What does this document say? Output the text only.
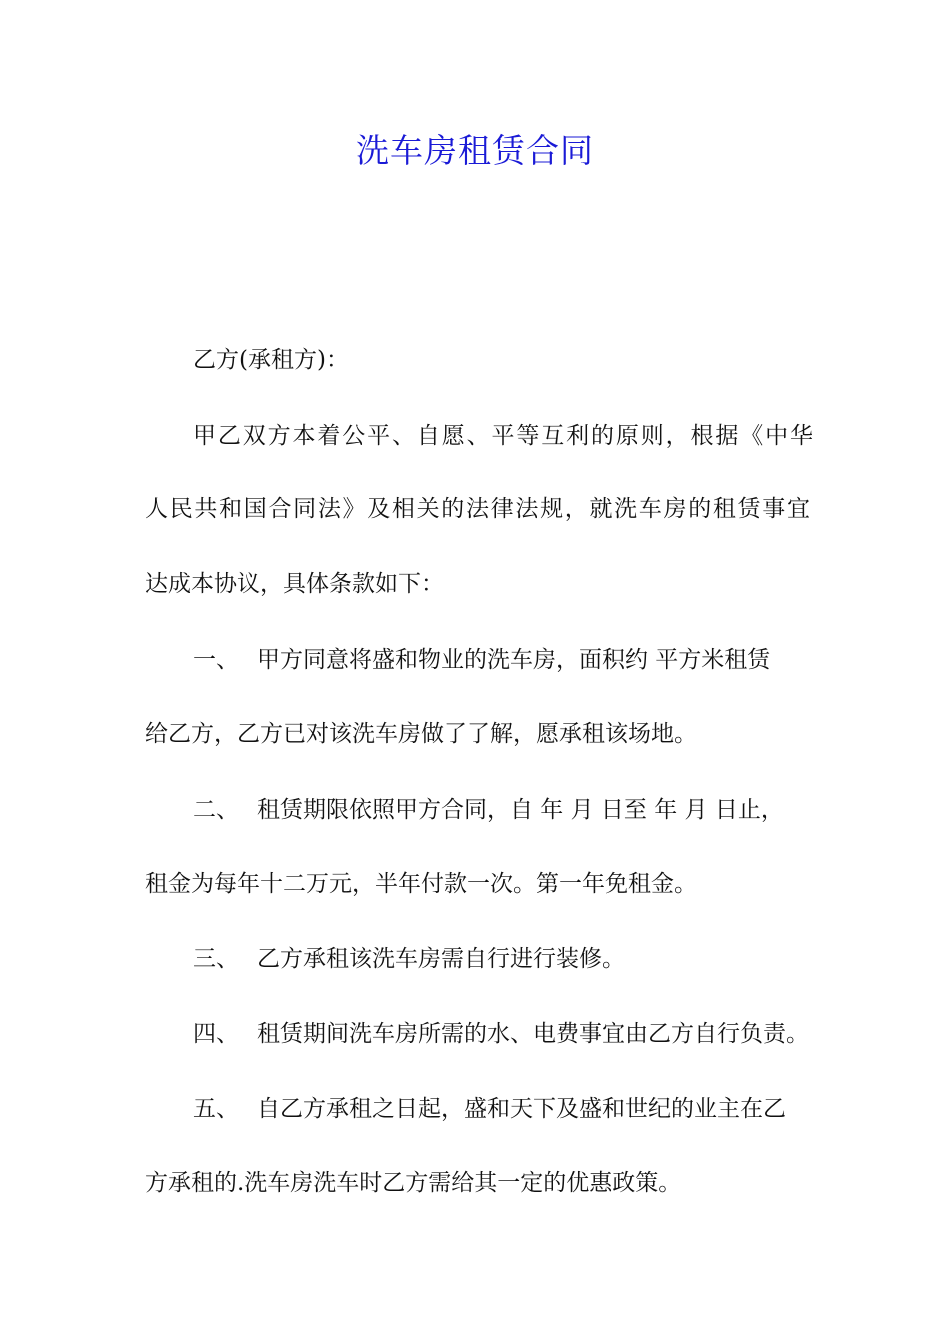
洗车房租赁合同
乙方(承租方)：
甲乙双方本着公平、自愿、平等互利的原则，根据《中华
人民共和国合同法》及相关的法律法规，就洗车房的租赁事宜
达成本协议，具体条款如下：
一、 甲方同意将盛和物业的洗车房，面积约 平方米租赁
给乙方，乙方已对该洗车房做了了解，愿承租该场地。
二、 租赁期限依照甲方合同，自 年 月 日至 年 月 日止，
租金为每年十二万元，半年付款一次。第一年免租金。
三、 乙方承租该洗车房需自行进行装修。
四、 租赁期间洗车房所需的水、电费事宜由乙方自行负责。
五、 自乙方承租之日起，盛和天下及盛和世纪的业主在乙
方承租的.洗车房洗车时乙方需给其一定的优惠政策。
